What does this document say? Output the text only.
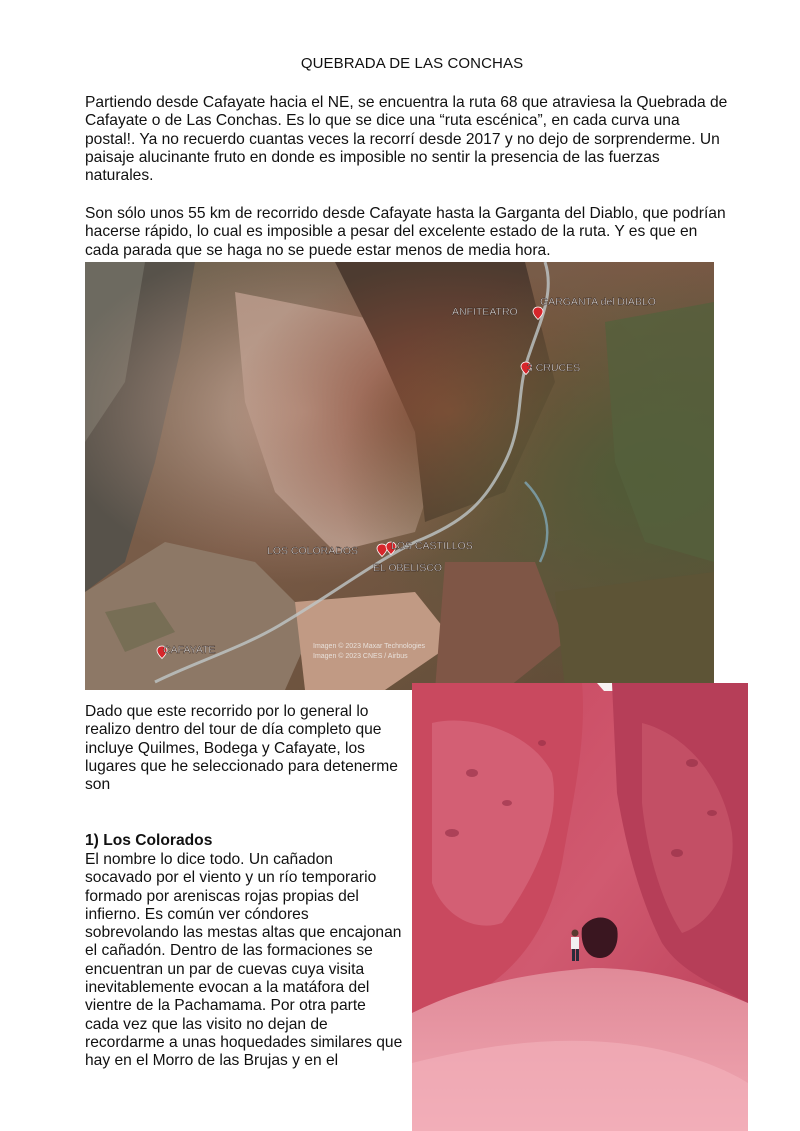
QUEBRADA DE LAS CONCHAS

Partiendo desde Cafayate hacia el NE, se encuentra la ruta 68 que atraviesa la Quebrada de Cafayate o de Las Conchas. Es lo que se dice una “ruta escénica”, en cada curva una postal!. Ya no recuerdo cuantas veces la recorrí desde 2017 y no dejo de sorprenderme. Un paisaje alucinante fruto en donde es imposible no sentir la presencia de las fuerzas naturales.

Son sólo unos 55 km de recorrido desde Cafayate hasta la Garganta del Diablo, que podrían hacerse rápido, lo cual es imposible a pesar del excelente estado de la ruta. Y es que en cada parada que se haga no se puede estar menos de media hora.

GARGANTA del DIABLO
ANFITEATRO
3 CRUCES
LOS COLORADOS	LOS CASTILLOS
EL OBELISCO
CAFAYATE	Imagen © 2023 Maxar Technologies
Imagen © 2023 CNES / Airbus

Dado que este recorrido por lo general lo realizo dentro del tour de día completo que incluye Quilmes, Bodega y Cafayate, los lugares que he seleccionado para detenerme son

1) Los Colorados

El nombre lo dice todo. Un cañadon socavado por el viento y un río temporario formado por areniscas rojas propias del infierno. Es común ver cóndores sobrevolando las mestas altas que encajonan el cañadón. Dentro de las formaciones se encuentran un par de cuevas cuya visita inevitablemente evocan a la matáfora del vientre de la Pachamama. Por otra parte cada vez que las visito no dejan de recordarme a unas hoquedades similares que hay en el Morro de las Brujas y en el
